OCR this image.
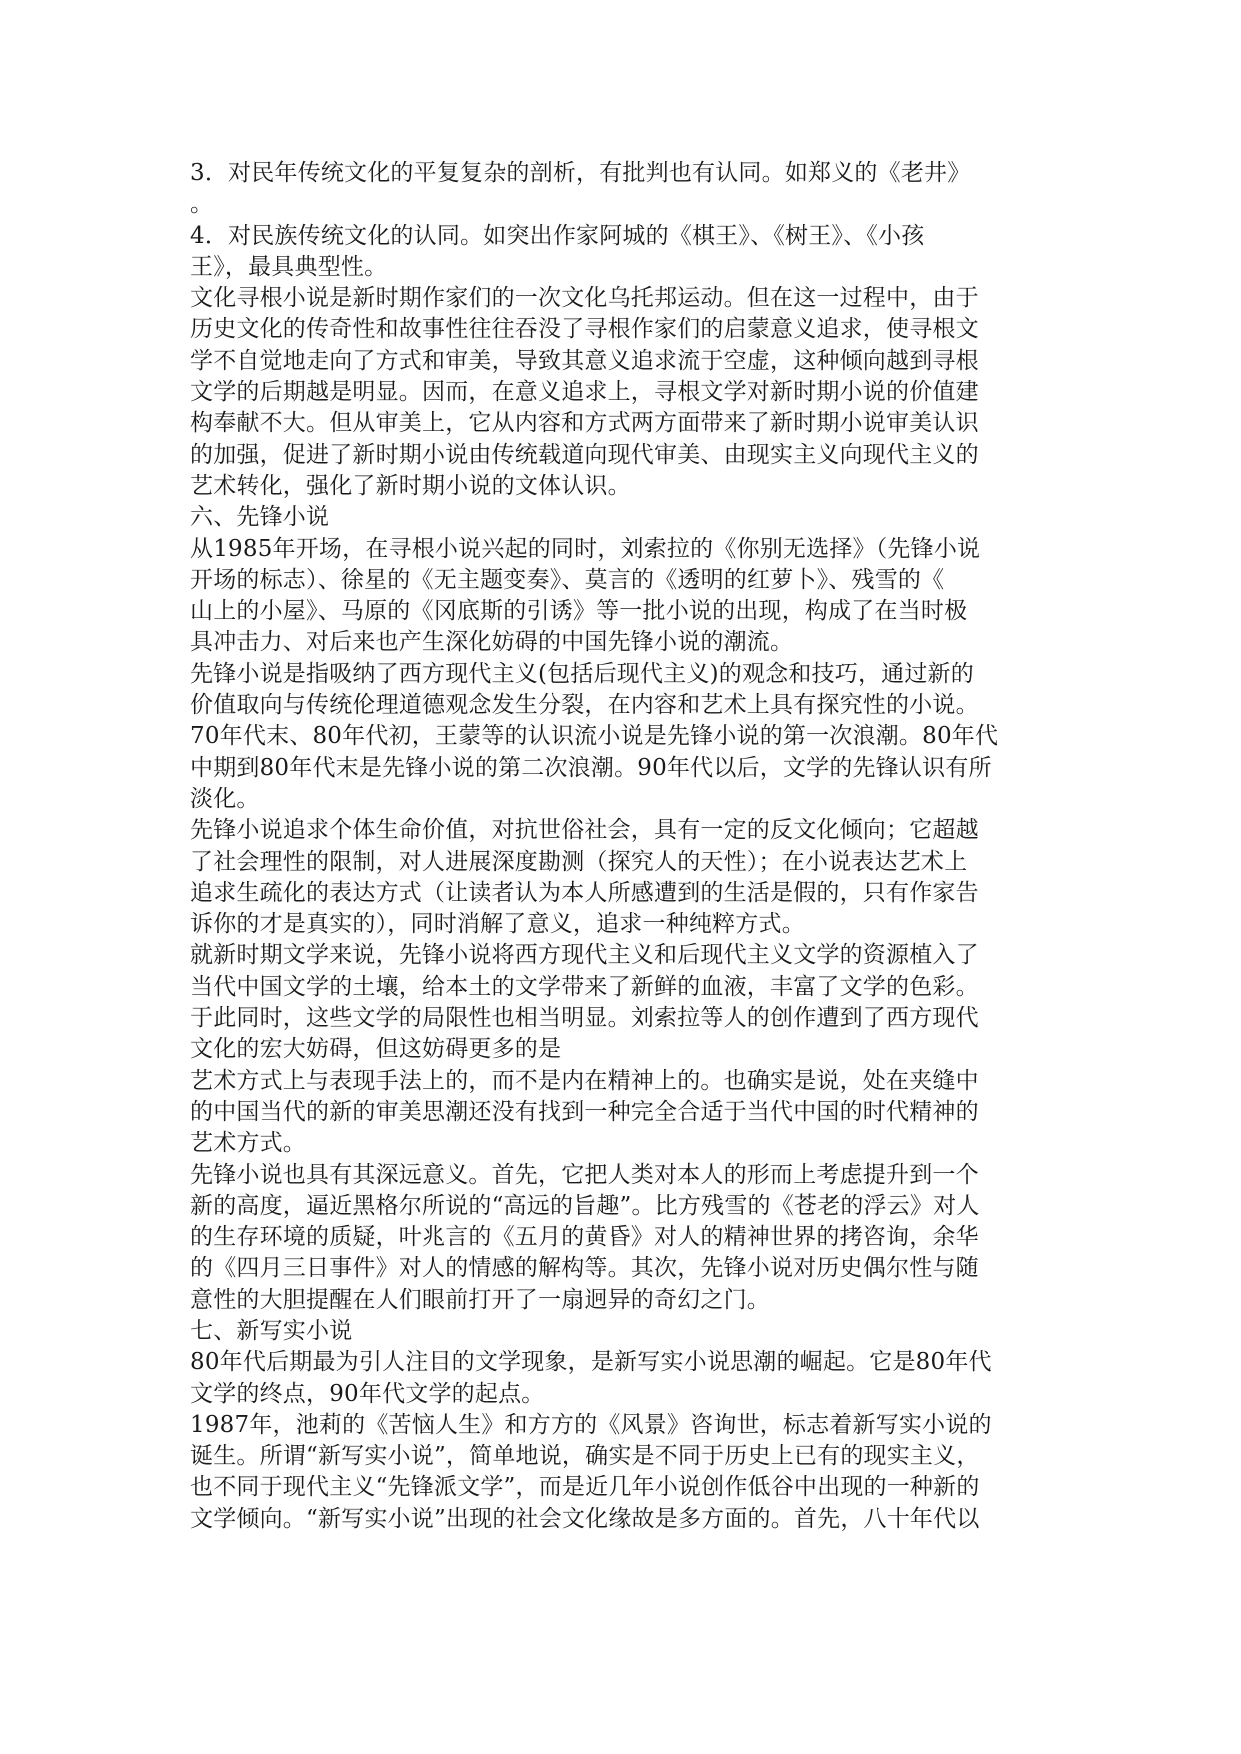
3．对民年传统文化的平复复杂的剖析，有批判也有认同。如郑义的《老井》
。
4．对民族传统文化的认同。如突出作家阿城的《棋王》、《树王》、《小孩
王》，最具典型性。
文化寻根小说是新时期作家们的一次文化乌托邦运动。但在这一过程中，由于
历史文化的传奇性和故事性往往吞没了寻根作家们的启蒙意义追求，使寻根文
学不自觉地走向了方式和审美，导致其意义追求流于空虚，这种倾向越到寻根
文学的后期越是明显。因而，在意义追求上，寻根文学对新时期小说的价值建
构奉献不大。但从审美上，它从内容和方式两方面带来了新时期小说审美认识
的加强，促进了新时期小说由传统载道向现代审美、由现实主义向现代主义的
艺术转化，强化了新时期小说的文体认识。
六、先锋小说
从1985年开场，在寻根小说兴起的同时，刘索拉的《你别无选择》（先锋小说
开场的标志）、徐星的《无主题变奏》、莫言的《透明的红萝卜》、残雪的《
山上的小屋》、马原的《冈底斯的引诱》等一批小说的出现，构成了在当时极
具冲击力、对后来也产生深化妨碍的中国先锋小说的潮流。
先锋小说是指吸纳了西方现代主义(包括后现代主义)的观念和技巧，通过新的
价值取向与传统伦理道德观念发生分裂，在内容和艺术上具有探究性的小说。
70年代末、80年代初，王蒙等的认识流小说是先锋小说的第一次浪潮。80年代
中期到80年代末是先锋小说的第二次浪潮。90年代以后，文学的先锋认识有所
淡化。
先锋小说追求个体生命价值，对抗世俗社会，具有一定的反文化倾向；它超越
了社会理性的限制，对人进展深度勘测（探究人的天性）；在小说表达艺术上
追求生疏化的表达方式（让读者认为本人所感遭到的生活是假的，只有作家告
诉你的才是真实的），同时消解了意义，追求一种纯粹方式。
就新时期文学来说，先锋小说将西方现代主义和后现代主义文学的资源植入了
当代中国文学的土壤，给本土的文学带来了新鲜的血液，丰富了文学的色彩。
于此同时，这些文学的局限性也相当明显。刘索拉等人的创作遭到了西方现代
文化的宏大妨碍，但这妨碍更多的是
艺术方式上与表现手法上的，而不是内在精神上的。也确实是说，处在夹缝中
的中国当代的新的审美思潮还没有找到一种完全合适于当代中国的时代精神的
艺术方式。
先锋小说也具有其深远意义。首先，它把人类对本人的形而上考虑提升到一个
新的高度，逼近黑格尔所说的“高远的旨趣”。比方残雪的《苍老的浮云》对人
的生存环境的质疑，叶兆言的《五月的黄昏》对人的精神世界的拷咨询，余华
的《四月三日事件》对人的情感的解构等。其次，先锋小说对历史偶尔性与随
意性的大胆提醒在人们眼前打开了一扇迥异的奇幻之门。
七、新写实小说
80年代后期最为引人注目的文学现象，是新写实小说思潮的崛起。它是80年代
文学的终点，90年代文学的起点。
1987年，池莉的《苦恼人生》和方方的《风景》咨询世，标志着新写实小说的
诞生。所谓“新写实小说”，简单地说，确实是不同于历史上已有的现实主义，
也不同于现代主义“先锋派文学”，而是近几年小说创作低谷中出现的一种新的
文学倾向。“新写实小说”出现的社会文化缘故是多方面的。首先，八十年代以
